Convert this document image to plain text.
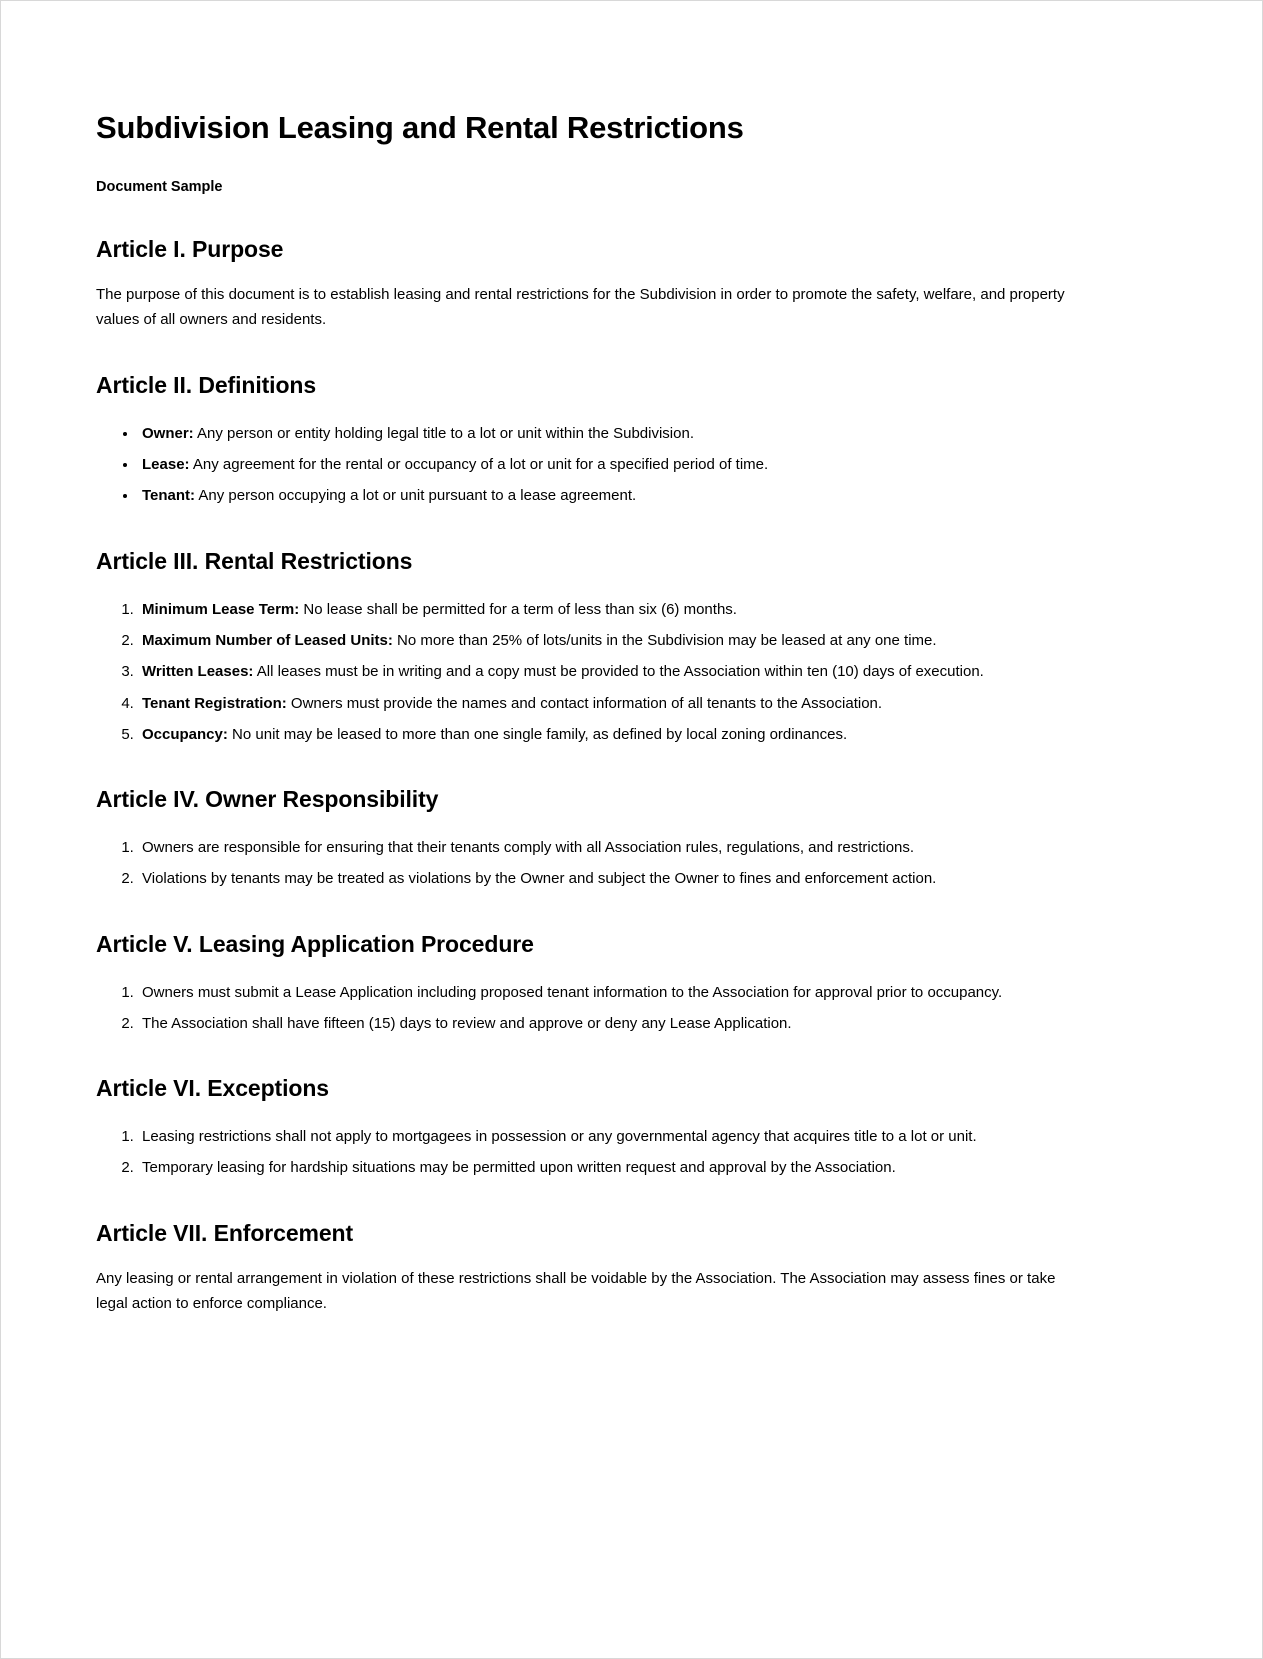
Subdivision Leasing and Rental Restrictions

Document Sample

Article I. Purpose

The purpose of this document is to establish leasing and rental restrictions for the Subdivision in order to promote the safety, welfare, and property values of all owners and residents.

Article II. Definitions
• Owner: Any person or entity holding legal title to a lot or unit within the Subdivision.
• Lease: Any agreement for the rental or occupancy of a lot or unit for a specified period of time.
• Tenant: Any person occupying a lot or unit pursuant to a lease agreement.
Article III. Rental Restrictions
1. Minimum Lease Term: No lease shall be permitted for a term of less than six (6) months.
2. Maximum Number of Leased Units: No more than 25% of lots/units in the Subdivision may be leased at any one time.
3. Written Leases: All leases must be in writing and a copy must be provided to the Association within ten (10) days of execution.
4. Tenant Registration: Owners must provide the names and contact information of all tenants to the Association.
5. Occupancy: No unit may be leased to more than one single family, as defined by local zoning ordinances.
Article IV. Owner Responsibility
1. Owners are responsible for ensuring that their tenants comply with all Association rules, regulations, and restrictions.
2. Violations by tenants may be treated as violations by the Owner and subject the Owner to fines and enforcement action.
Article V. Leasing Application Procedure
1. Owners must submit a Lease Application including proposed tenant information to the Association for approval prior to occupancy.
2. The Association shall have fifteen (15) days to review and approve or deny any Lease Application.
Article VI. Exceptions
1. Leasing restrictions shall not apply to mortgagees in possession or any governmental agency that acquires title to a lot or unit.
2. Temporary leasing for hardship situations may be permitted upon written request and approval by the Association.
Article VII. Enforcement

Any leasing or rental arrangement in violation of these restrictions shall be voidable by the Association. The Association may assess fines or take legal action to enforce compliance.
